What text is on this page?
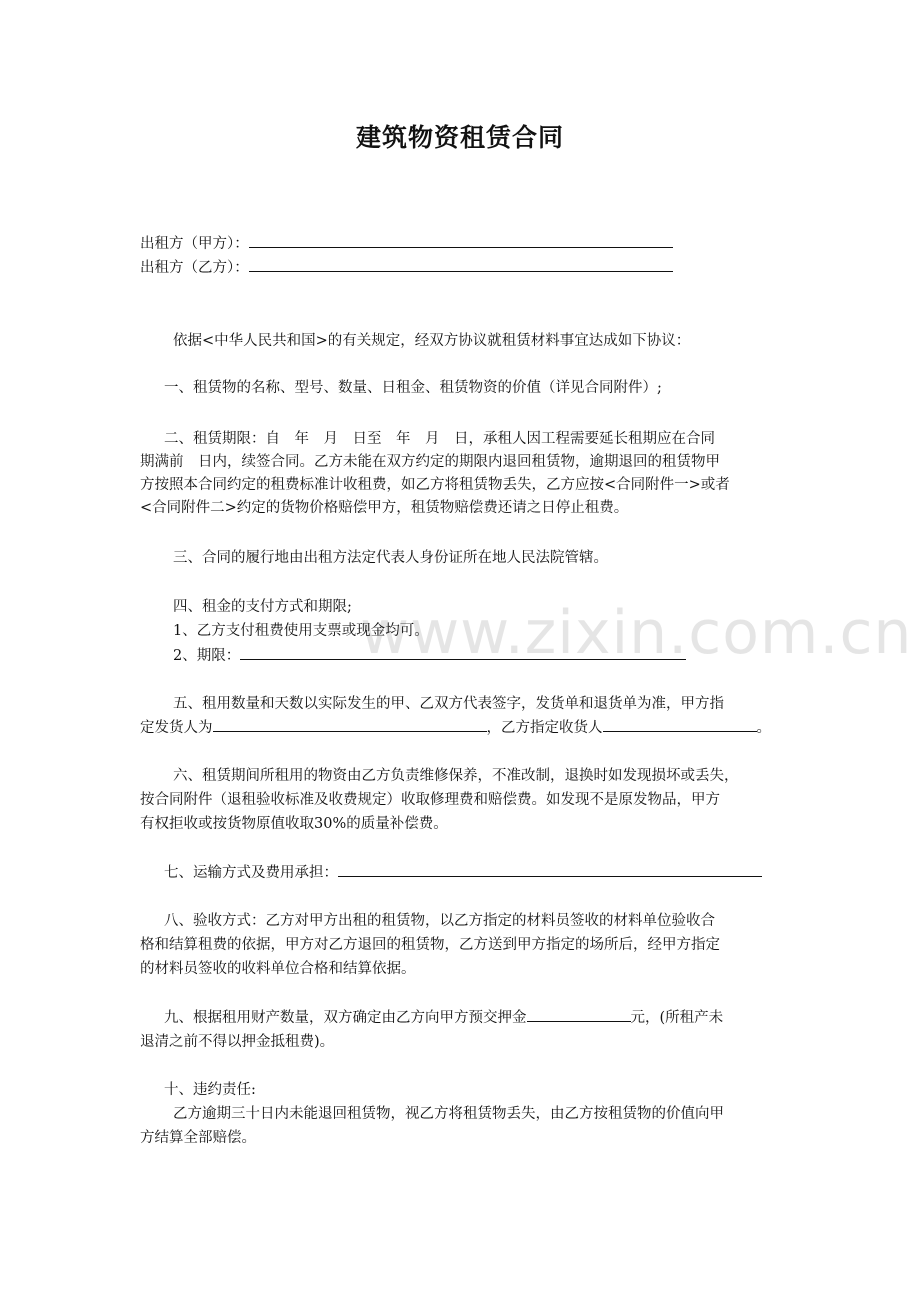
www.zixin.com.cn
建筑物资租赁合同
出租方（甲方）：
出租方（乙方）：
依据<中华人民共和国>的有关规定，经双方协议就租赁材料事宜达成如下协议：
一、租赁物的名称、型号、数量、日租金、租赁物资的价值（详见合同附件）;
二、租赁期限：自　年　月　日至　年　月　日，承租人因工程需要延长租期应在合同
期满前　日内，续签合同。乙方未能在双方约定的期限内退回租赁物，逾期退回的租赁物甲
方按照本合同约定的租费标准计收租费，如乙方将租赁物丢失，乙方应按<合同附件一>或者
<合同附件二>约定的货物价格赔偿甲方，租赁物赔偿费还请之日停止租费。
三、合同的履行地由出租方法定代表人身份证所在地人民法院管辖。
四、租金的支付方式和期限;
1、乙方支付租费使用支票或现金均可。
2、期限：
五、租用数量和天数以实际发生的甲、乙双方代表签字，发货单和退货单为准，甲方指
定发货人为	，乙方指定收货人	。
六、租赁期间所租用的物资由乙方负责维修保养，不准改制，退换时如发现损坏或丢失，
按合同附件（退租验收标准及收费规定）收取修理费和赔偿费。如发现不是原发物品，甲方
有权拒收或按货物原值收取30%的质量补偿费。
七、运输方式及费用承担：
八、验收方式：乙方对甲方出租的租赁物，以乙方指定的材料员签收的材料单位验收合
格和结算租费的依据，甲方对乙方退回的租赁物，乙方送到甲方指定的场所后，经甲方指定
的材料员签收的收料单位合格和结算依据。
九、根据租用财产数量，双方确定由乙方向甲方预交押金	元，(所租产未
退清之前不得以押金抵租费)。
十、违约责任:
乙方逾期三十日内未能退回租赁物，视乙方将租赁物丢失，由乙方按租赁物的价值向甲
方结算全部赔偿。
